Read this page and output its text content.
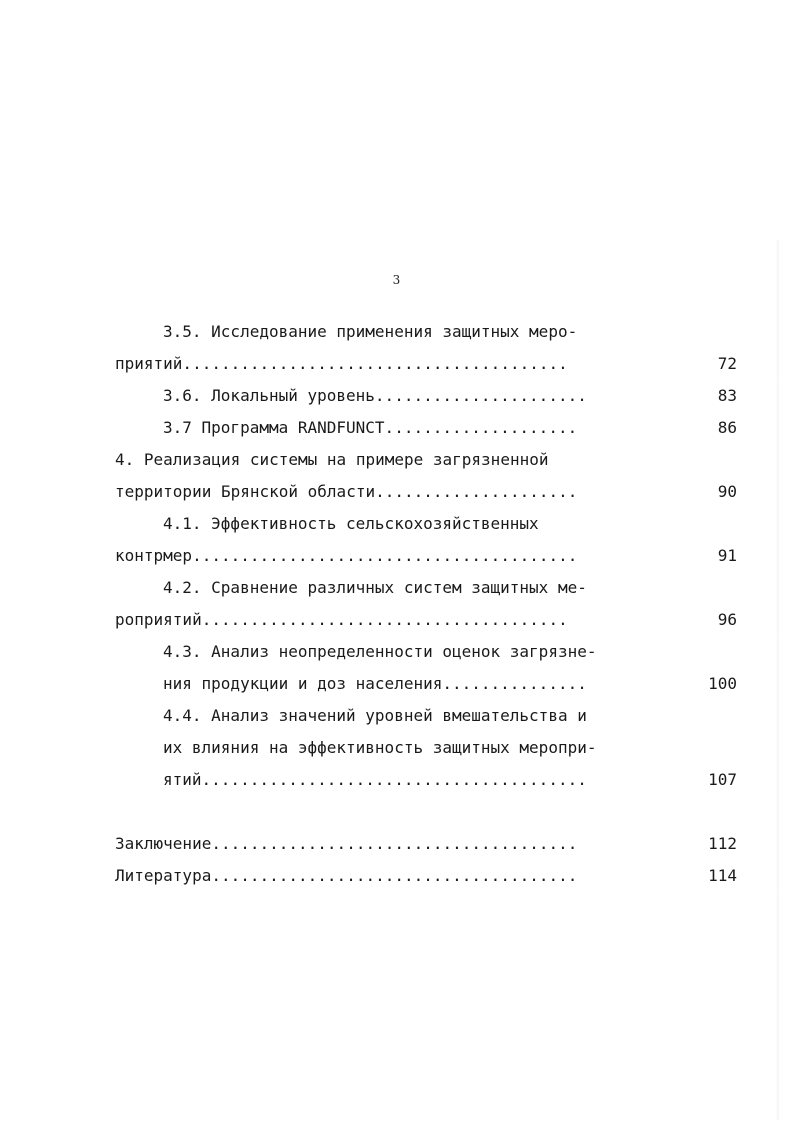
3
3.5. Исследование применения защитных меро-
приятий........................................	72
3.6. Локальный уровень......................	83
3.7 Программа RANDFUNCT....................	86
4. Реализация системы на примере загрязненной
территории Брянской области.....................	90
4.1. Эффективность сельскохозяйственных
контрмер........................................	91
4.2. Сравнение различных систем защитных ме-
роприятий......................................	96
4.3. Анализ неопределенности оценок загрязне-
ния продукции и доз населения...............	100
4.4. Анализ значений уровней вмешательства и
их влияния на эффективность защитных меропри-
ятий........................................	107
Заключение......................................	112
Литература......................................	114
